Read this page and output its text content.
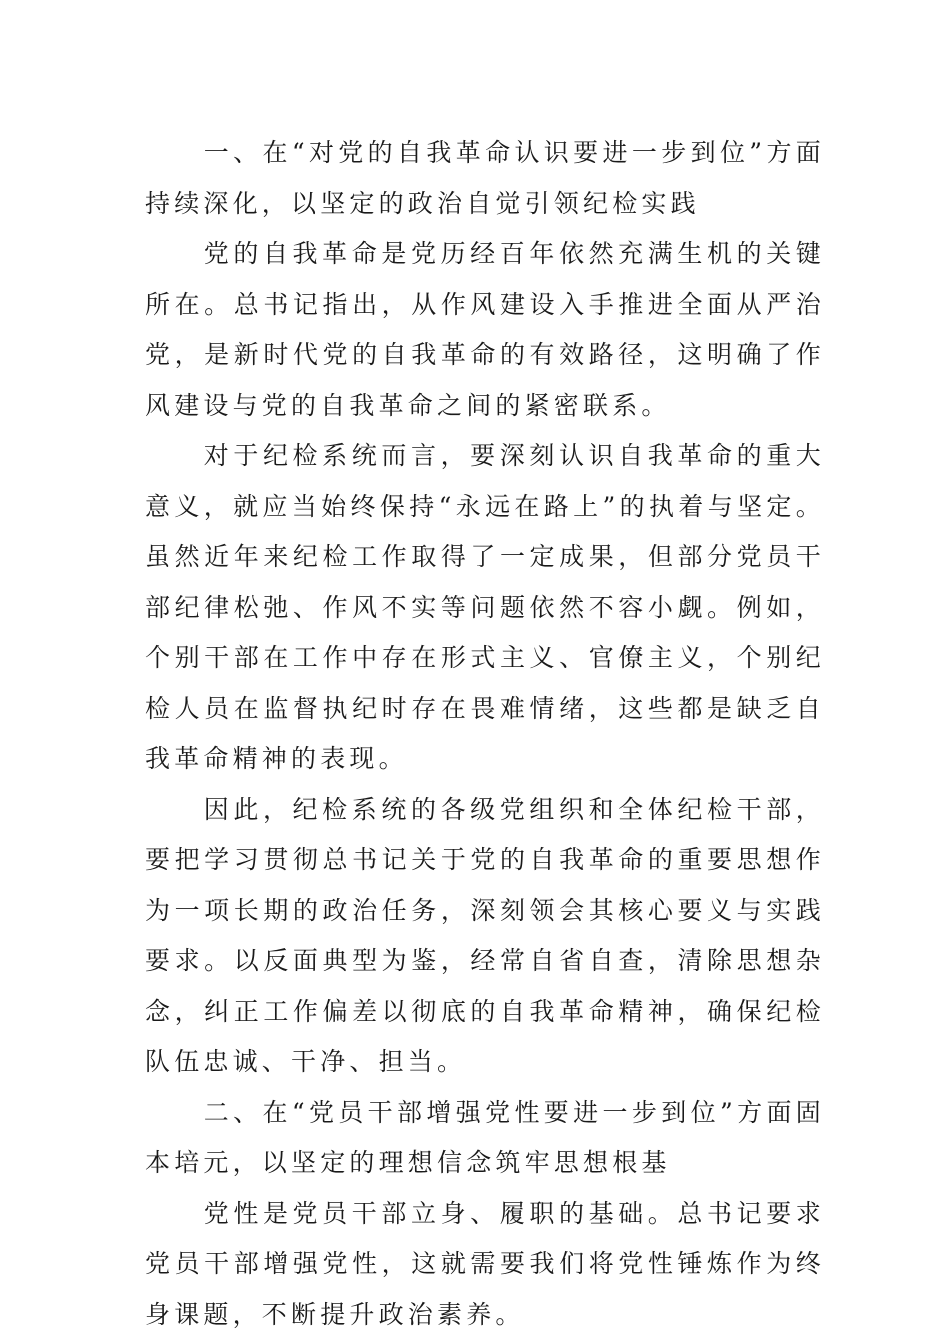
一、在“对党的自我革命认识要进一步到位”方面持续深化，以坚定的政治自觉引领纪检实践

党的自我革命是党历经百年依然充满生机的关键所在。总书记指出，从作风建设入手推进全面从严治党，是新时代党的自我革命的有效路径，这明确了作风建设与党的自我革命之间的紧密联系。

对于纪检系统而言，要深刻认识自我革命的重大意义，就应当始终保持“永远在路上”的执着与坚定。虽然近年来纪检工作取得了一定成果，但部分党员干部纪律松弛、作风不实等问题依然不容小觑。例如，个别干部在工作中存在形式主义、官僚主义，个别纪检人员在监督执纪时存在畏难情绪，这些都是缺乏自我革命精神的表现。

因此，纪检系统的各级党组织和全体纪检干部，要把学习贯彻总书记关于党的自我革命的重要思想作为一项长期的政治任务，深刻领会其核心要义与实践要求。以反面典型为鉴，经常自省自查，清除思想杂念，纠正工作偏差以彻底的自我革命精神，确保纪检队伍忠诚、干净、担当。

二、在“党员干部增强党性要进一步到位”方面固本培元，以坚定的理想信念筑牢思想根基

党性是党员干部立身、履职的基础。总书记要求党员干部增强党性，这就需要我们将党性锤炼作为终身课题，不断提升政治素养。
